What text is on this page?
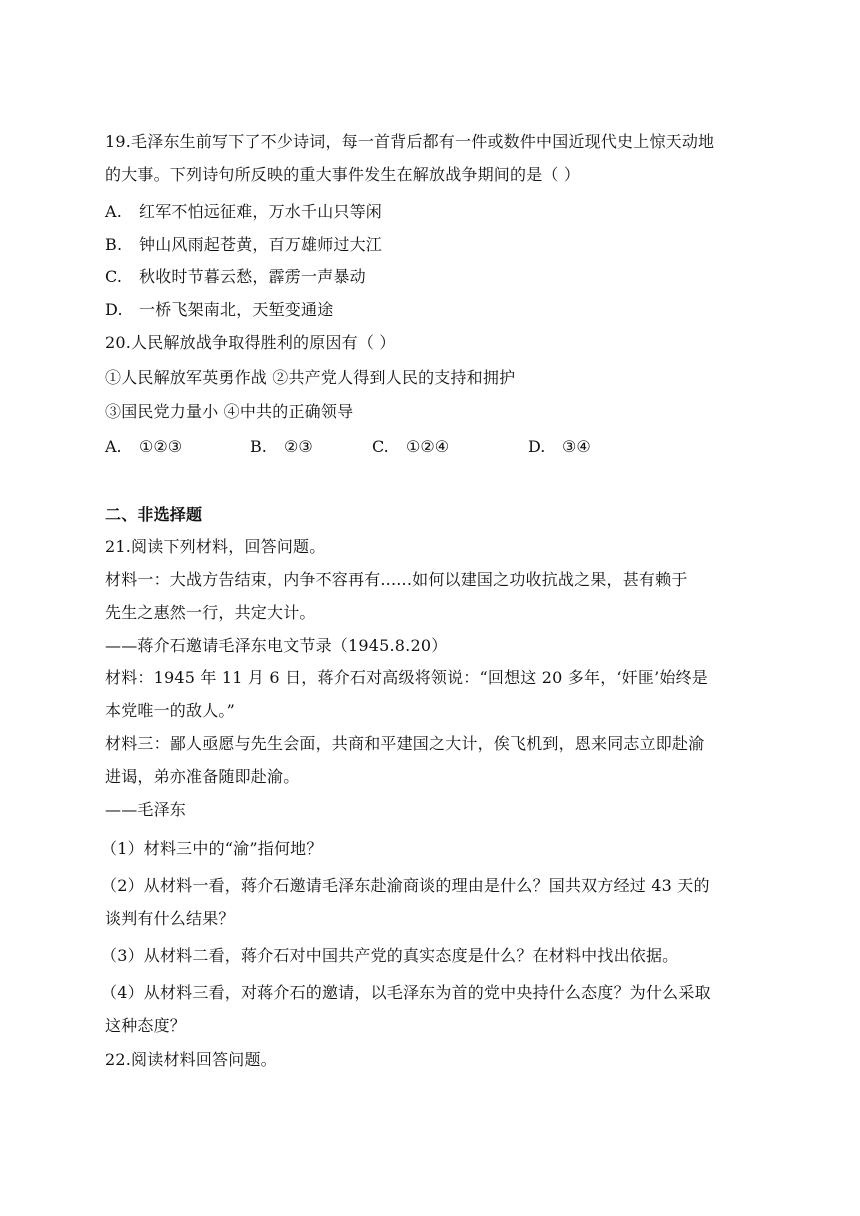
19.毛泽东生前写下了不少诗词，每一首背后都有一件或数件中国近现代史上惊天动地
的大事。下列诗句所反映的重大事件发生在解放战争期间的是（ ）
A. 红军不怕远征难，万水千山只等闲
B. 钟山风雨起苍黄，百万雄师过大江
C. 秋收时节暮云愁，霹雳一声暴动
D. 一桥飞架南北，天堑变通途
20.人民解放战争取得胜利的原因有（ ）
①人民解放军英勇作战 ②共产党人得到人民的支持和拥护
③国民党力量小 ④中共的正确领导
A. ①②③	B. ②③	C. ①②④	D. ③④
二、非选择题
21.阅读下列材料，回答问题。
材料一：大战方告结束，内争不容再有......如何以建国之功收抗战之果，甚有赖于
先生之惠然一行，共定大计。
——蒋介石邀请毛泽东电文节录（1945.8.20）
材料：1945 年 11 月 6 日，蒋介石对高级将领说：“回想这 20 多年，‘奸匪’始终是
本党唯一的敌人。”
材料三：鄙人亟愿与先生会面，共商和平建国之大计，俟飞机到，恩来同志立即赴渝
进谒，弟亦准备随即赴渝。
——毛泽东
（1）材料三中的“渝”指何地？
（2）从材料一看，蒋介石邀请毛泽东赴渝商谈的理由是什么？国共双方经过 43 天的
谈判有什么结果？
（3）从材料二看，蒋介石对中国共产党的真实态度是什么？在材料中找出依据。
（4）从材料三看，对蒋介石的邀请，以毛泽东为首的党中央持什么态度？为什么采取
这种态度？
22.阅读材料回答问题。
